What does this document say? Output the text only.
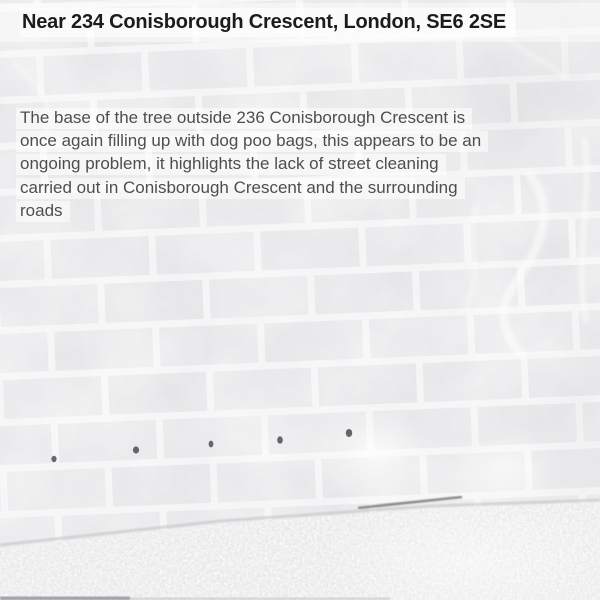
Near 234 Conisborough Crescent, London, SE6 2SE
The base of the tree outside 236 Conisborough Crescent is
once again filling up with dog poo bags, this appears to be an
ongoing problem, it highlights the lack of street cleaning
carried out in Conisborough Crescent and the surrounding
roads
